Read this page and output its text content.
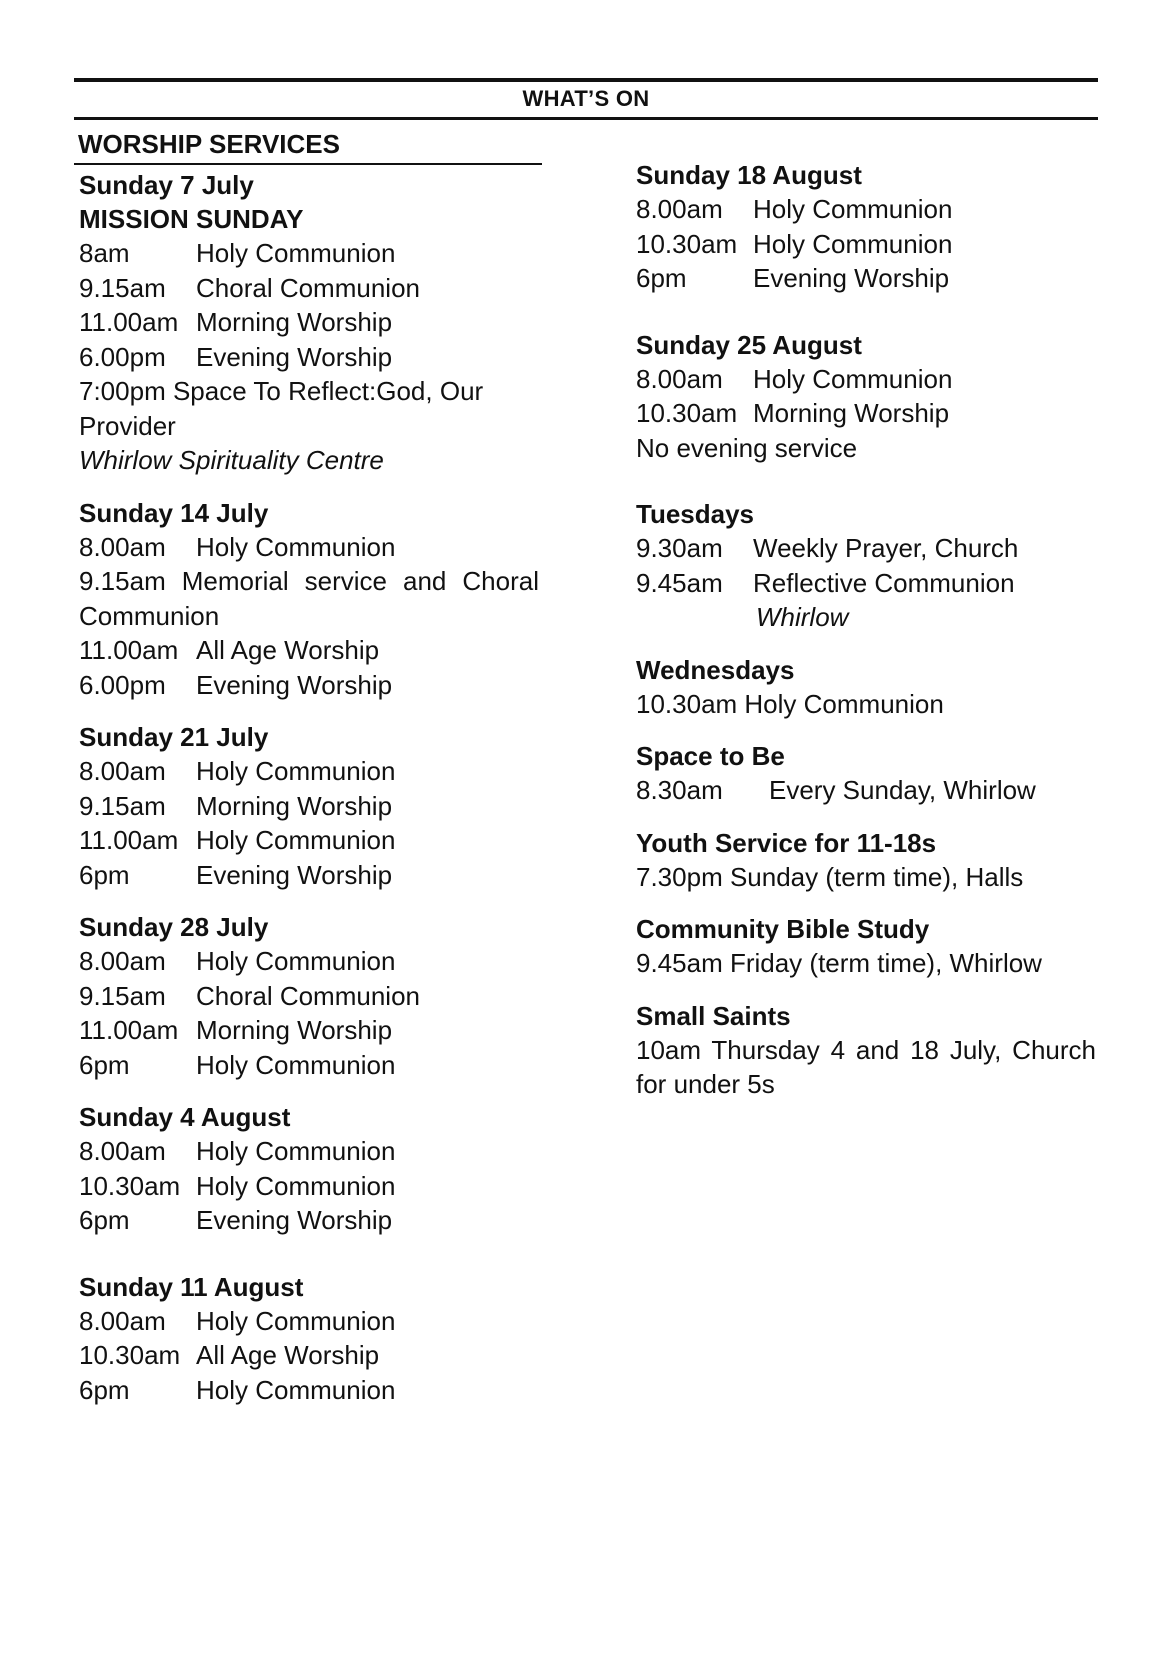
WHAT’S ON
WORSHIP SERVICES
Sunday 7 July
MISSION SUNDAY
8am	Holy Communion
9.15am	Choral Communion
11.00am Morning Worship
6.00pm	Evening Worship
7:00pm Space To Reflect:God, Our Provider
Whirlow Spirituality Centre
Sunday 14 July
8.00am	Holy Communion
9.15am Memorial service and Choral Communion
11.00am All Age Worship
6.00pm	Evening Worship
Sunday 21 July
8.00am	Holy Communion
9.15am	Morning Worship
11.00am Holy Communion
6pm	Evening Worship
Sunday 28 July
8.00am	Holy Communion
9.15am	Choral Communion
11.00am Morning Worship
6pm	Holy Communion
Sunday 4 August
8.00am	Holy Communion
10.30am Holy Communion
6pm	Evening Worship
Sunday 11 August
8.00am	Holy Communion
10.30am All Age Worship
6pm	Holy Communion
Sunday 18 August
8.00am	Holy Communion
10.30am Holy Communion
6pm	Evening Worship
Sunday 25 August
8.00am	Holy Communion
10.30am Morning Worship
No evening service
Tuesdays
9.30am	Weekly Prayer, Church
9.45am	Reflective Communion
Whirlow
Wednesdays
10.30am Holy Communion
Space to Be
8.30am	Every Sunday, Whirlow
Youth Service for 11-18s
7.30pm Sunday (term time), Halls
Community Bible Study
9.45am Friday (term time), Whirlow
Small Saints
10am Thursday 4 and 18 July, Church for under 5s
